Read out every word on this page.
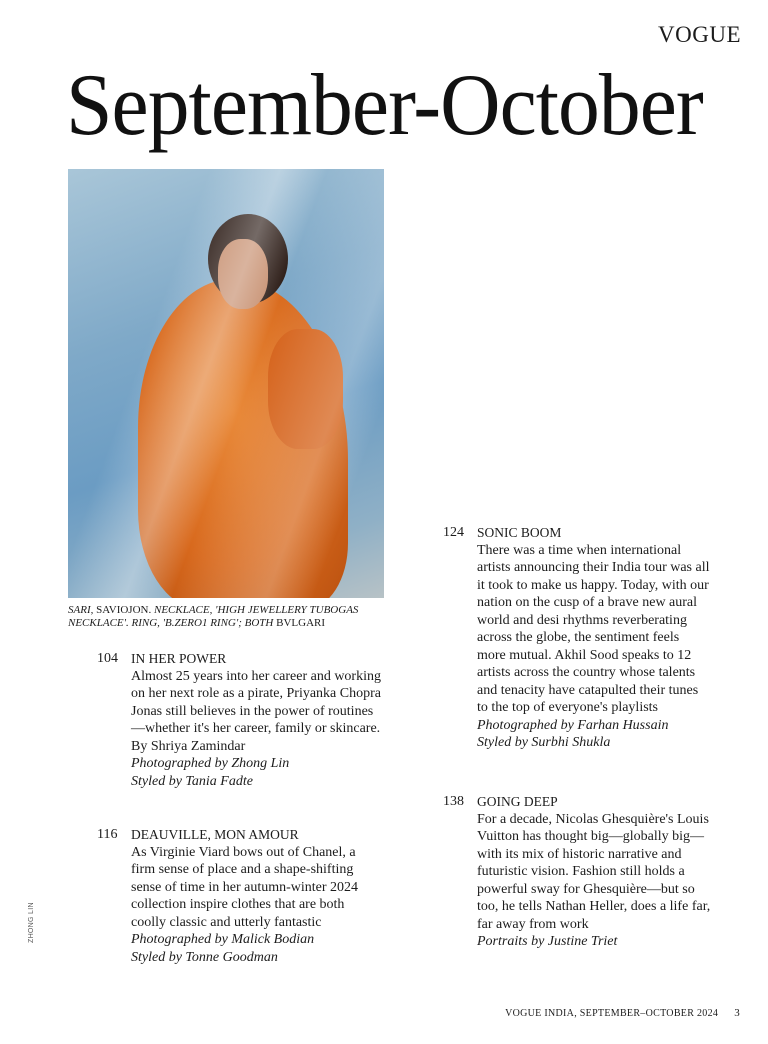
VOGUE
September-October
SARI, SAVIOJON. NECKLACE, 'HIGH JEWELLERY TUBOGAS NECKLACE'. RING, 'B.ZERO1 RING'; BOTH BVLGARI
104 IN HER POWER
Almost 25 years into her career and working on her next role as a pirate, Priyanka Chopra Jonas still believes in the power of routines—whether it's her career, family or skincare. By Shriya Zamindar
Photographed by Zhong Lin
Styled by Tania Fadte
116 DEAUVILLE, MON AMOUR
As Virginie Viard bows out of Chanel, a firm sense of place and a shape-shifting sense of time in her autumn-winter 2024 collection inspire clothes that are both coolly classic and utterly fantastic
Photographed by Malick Bodian
Styled by Tonne Goodman
124 SONIC BOOM
There was a time when international artists announcing their India tour was all it took to make us happy. Today, with our nation on the cusp of a brave new aural world and desi rhythms reverberating across the globe, the sentiment feels more mutual. Akhil Sood speaks to 12 artists across the country whose talents and tenacity have catapulted their tunes to the top of everyone's playlists
Photographed by Farhan Hussain
Styled by Surbhi Shukla
138 GOING DEEP
For a decade, Nicolas Ghesquière's Louis Vuitton has thought big—globally big—with its mix of historic narrative and futuristic vision. Fashion still holds a powerful sway for Ghesquière—but so too, he tells Nathan Heller, does a life far, far away from work
Portraits by Justine Triet
ZHONG LIN
VOGUE INDIA, SEPTEMBER–OCTOBER 2024 3
